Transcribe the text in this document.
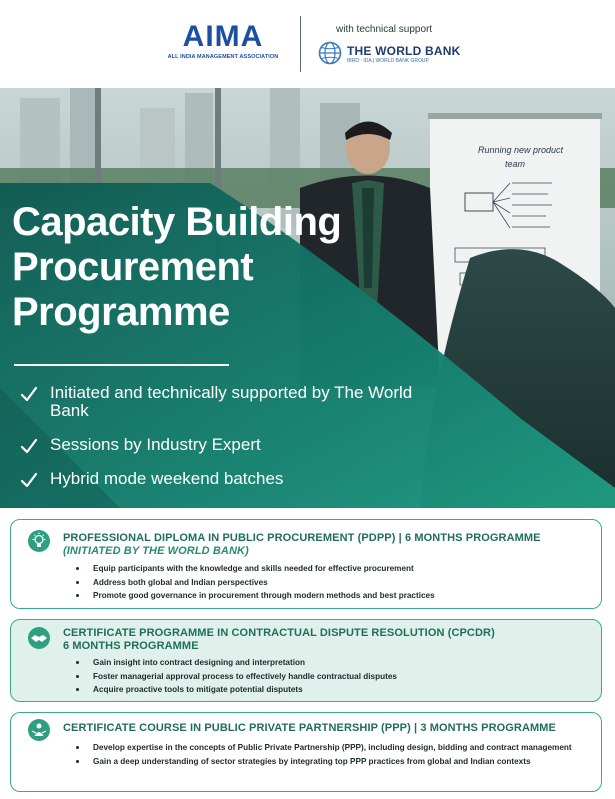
AIMA
ALL INDIA MANAGEMENT ASSOCIATION
with technical support
THE WORLD BANK
IBRD · IDA | WORLD BANK GROUP
Running new product
team
Capacity Building
Procurement
Programme
Initiated and technically supported by The World Bank
Sessions by Industry Expert
Hybrid mode weekend batches
PROFESSIONAL DIPLOMA IN PUBLIC PROCUREMENT (PDPP) | 6 MONTHS PROGRAMME
(INITIATED BY THE WORLD BANK)
Equip participants with the knowledge and skills needed for effective procurement
Address both global and Indian perspectives
Promote good governance in procurement through modern methods and best practices
CERTIFICATE PROGRAMME IN CONTRACTUAL DISPUTE RESOLUTION (CPCDR)
6 MONTHS PROGRAMME
Gain insight into contract designing and interpretation
Foster managerial approval process to effectively handle contractual disputes
Acquire proactive tools to mitigate potential disputets
CERTIFICATE COURSE IN PUBLIC PRIVATE PARTNERSHIP (PPP) | 3 MONTHS PROGRAMME
Develop expertise in the concepts of Public Private Partnership (PPP), including design, bidding and contract management
Gain a deep understanding of sector strategies by integrating top PPP practices from global and Indian contexts
